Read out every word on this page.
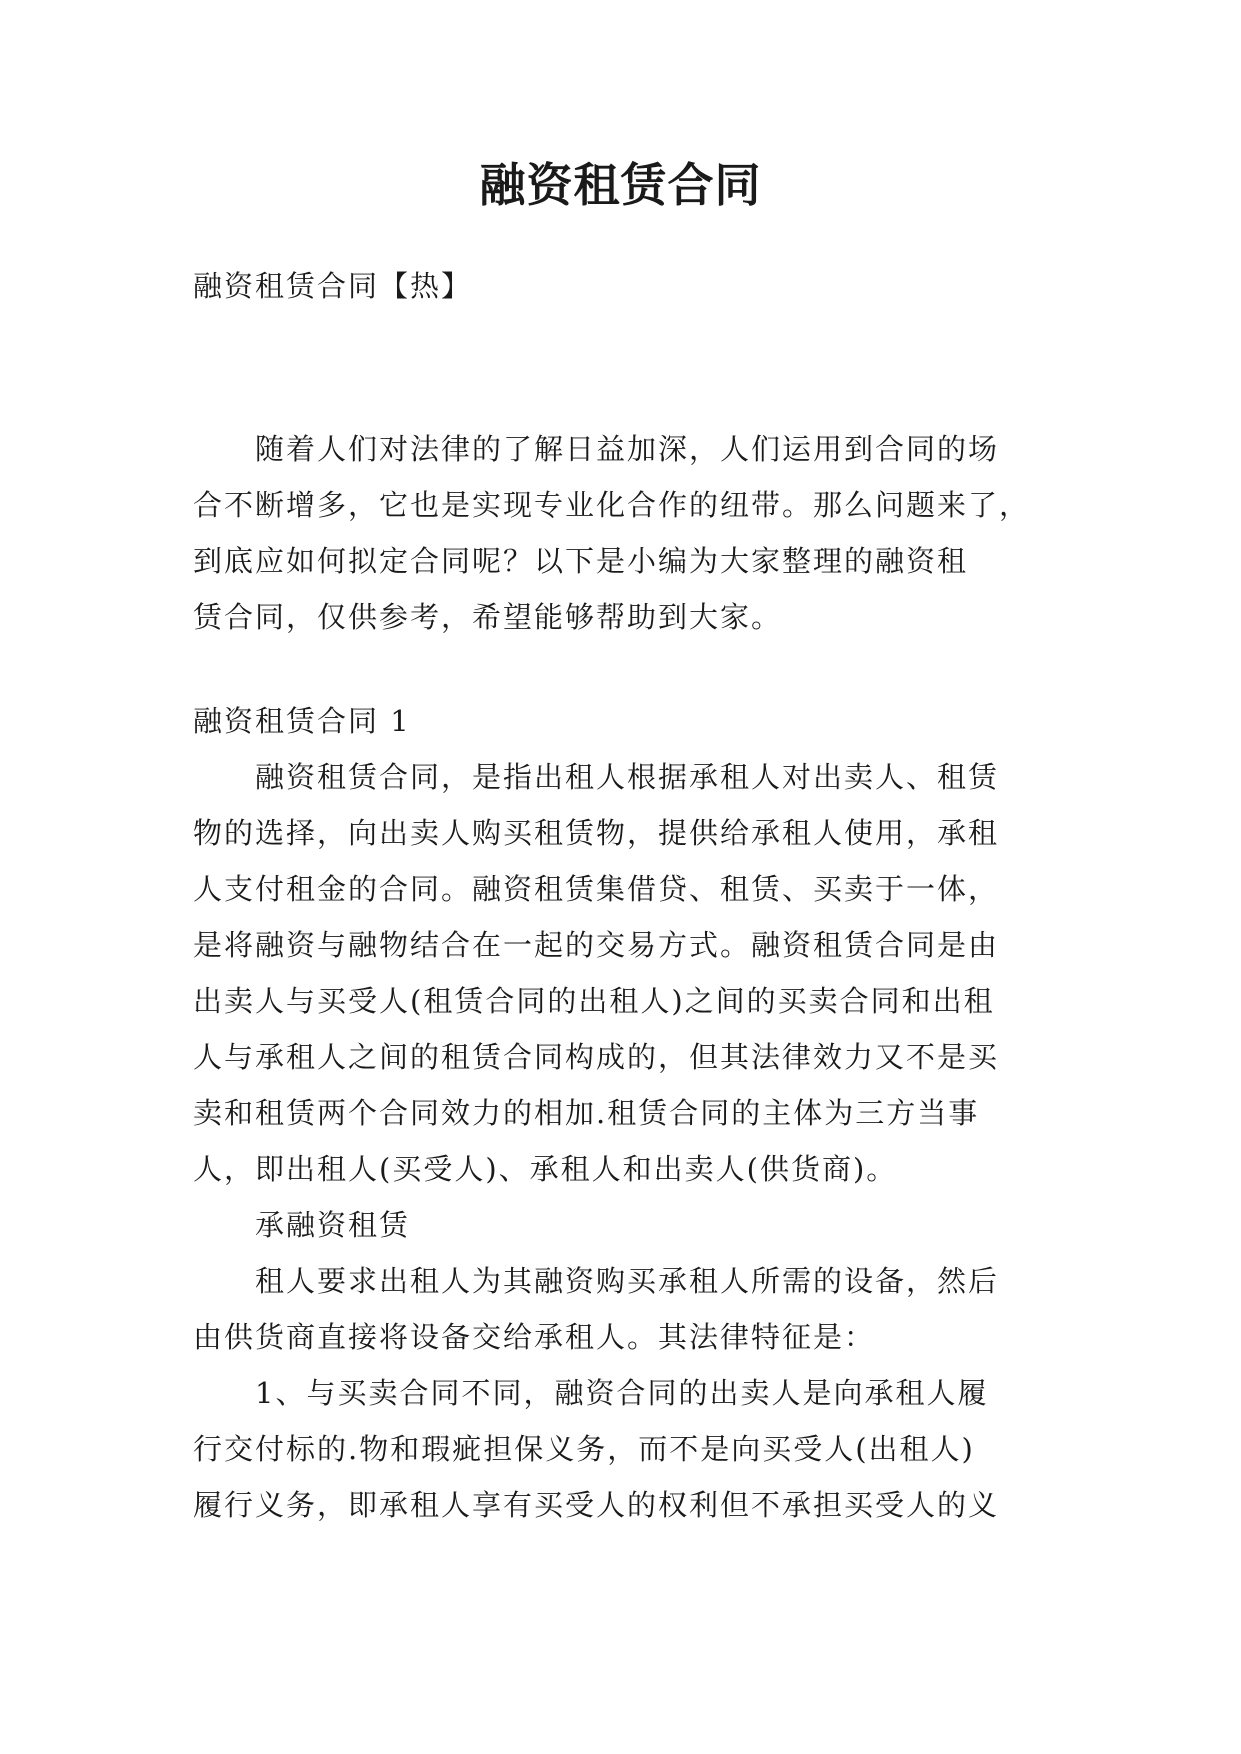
融资租赁合同
融资租赁合同【热】
随着人们对法律的了解日益加深，人们运用到合同的场
合不断增多，它也是实现专业化合作的纽带。那么问题来了，
到底应如何拟定合同呢？以下是小编为大家整理的融资租
赁合同，仅供参考，希望能够帮助到大家。
融资租赁合同 1
融资租赁合同，是指出租人根据承租人对出卖人、租赁
物的选择，向出卖人购买租赁物，提供给承租人使用，承租
人支付租金的合同。融资租赁集借贷、租赁、买卖于一体，
是将融资与融物结合在一起的交易方式。融资租赁合同是由
出卖人与买受人(租赁合同的出租人)之间的买卖合同和出租
人与承租人之间的租赁合同构成的，但其法律效力又不是买
卖和租赁两个合同效力的相加.租赁合同的主体为三方当事
人，即出租人(买受人)、承租人和出卖人(供货商)。
承融资租赁
租人要求出租人为其融资购买承租人所需的设备，然后
由供货商直接将设备交给承租人。其法律特征是：
1、与买卖合同不同，融资合同的出卖人是向承租人履
行交付标的.物和瑕疵担保义务，而不是向买受人(出租人)
履行义务，即承租人享有买受人的权利但不承担买受人的义
